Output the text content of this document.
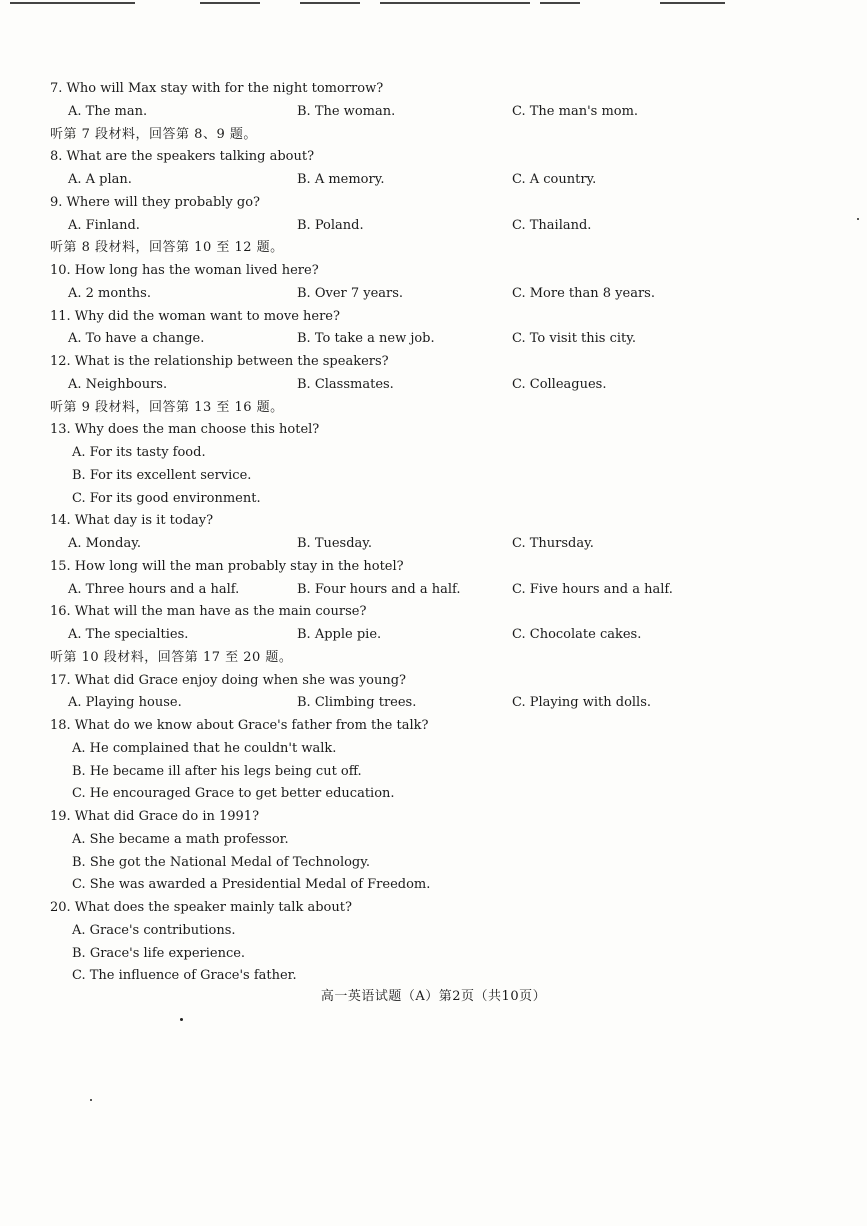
7. Who will Max stay with for the night tomorrow?
A. The man.	B. The woman.	C. The man's mom.
听第 7 段材料，回答第 8、9 题。
8. What are the speakers talking about?
A. A plan.	B. A memory.	C. A country.
9. Where will they probably go?
A. Finland.	B. Poland.	C. Thailand.
听第 8 段材料，回答第 10 至 12 题。
10. How long has the woman lived here?
A. 2 months.	B. Over 7 years.	C. More than 8 years.
11. Why did the woman want to move here?
A. To have a change.	B. To take a new job.	C. To visit this city.
12. What is the relationship between the speakers?
A. Neighbours.	B. Classmates.	C. Colleagues.
听第 9 段材料，回答第 13 至 16 题。
13. Why does the man choose this hotel?
A. For its tasty food.
B. For its excellent service.
C. For its good environment.
14. What day is it today?
A. Monday.	B. Tuesday.	C. Thursday.
15. How long will the man probably stay in the hotel?
A. Three hours and a half.	B. Four hours and a half.	C. Five hours and a half.
16. What will the man have as the main course?
A. The specialties.	B. Apple pie.	C. Chocolate cakes.
听第 10 段材料，回答第 17 至 20 题。
17. What did Grace enjoy doing when she was young?
A. Playing house.	B. Climbing trees.	C. Playing with dolls.
18. What do we know about Grace's father from the talk?
A. He complained that he couldn't walk.
B. He became ill after his legs being cut off.
C. He encouraged Grace to get better education.
19. What did Grace do in 1991?
A. She became a math professor.
B. She got the National Medal of Technology.
C. She was awarded a Presidential Medal of Freedom.
20. What does the speaker mainly talk about?
A. Grace's contributions.
B. Grace's life experience.
C. The influence of Grace's father.
高一英语试题（A）第2页（共10页）
